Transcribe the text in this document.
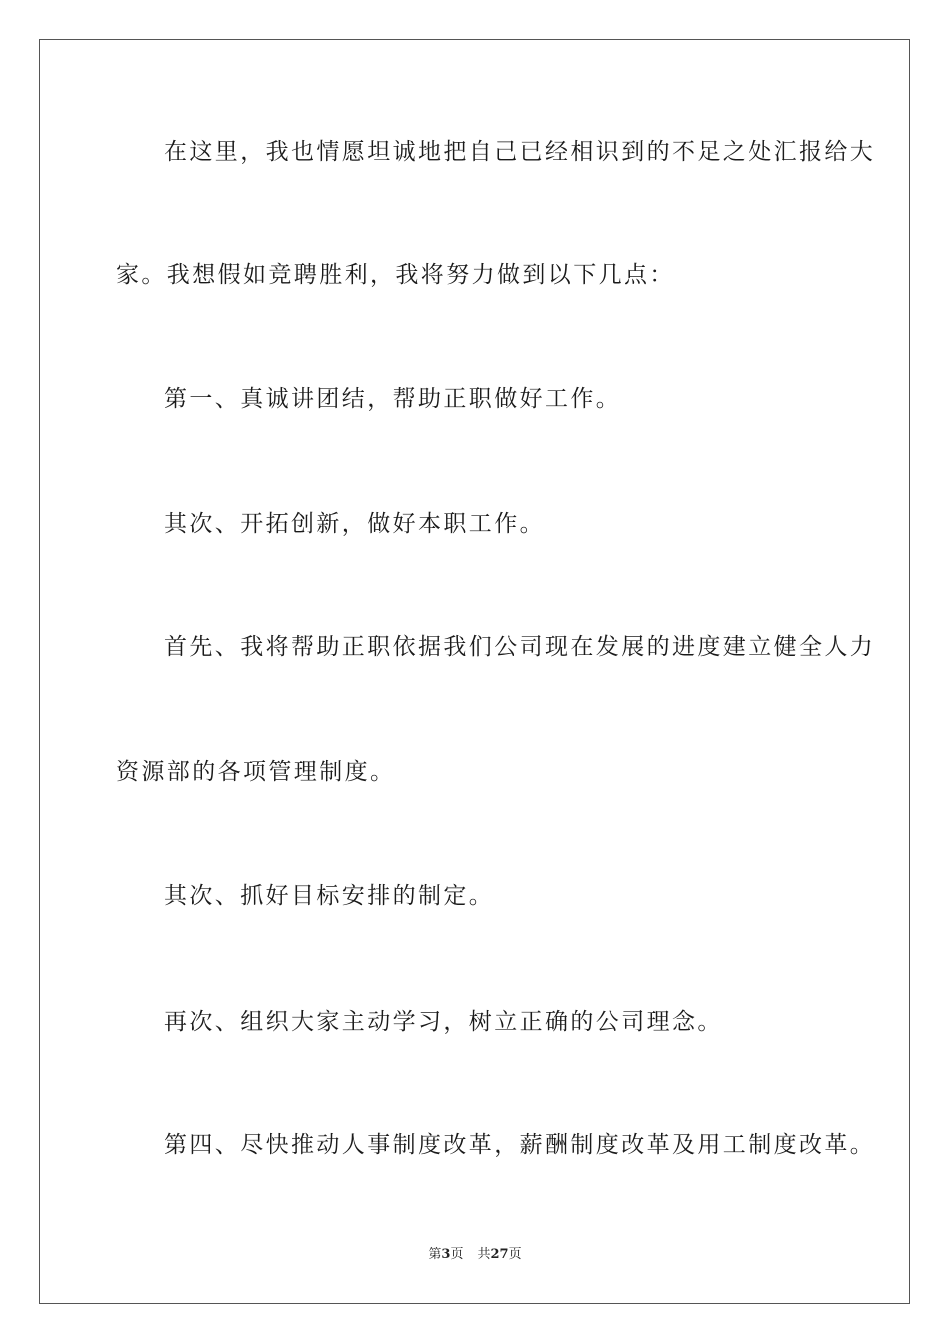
在这里，我也情愿坦诚地把自己已经相识到的不足之处汇报给大
家。我想假如竞聘胜利，我将努力做到以下几点：
第一、真诚讲团结，帮助正职做好工作。
其次、开拓创新，做好本职工作。
首先、我将帮助正职依据我们公司现在发展的进度建立健全人力
资源部的各项管理制度。
其次、抓好目标安排的制定。
再次、组织大家主动学习，树立正确的公司理念。
第四、尽快推动人事制度改革，薪酬制度改革及用工制度改革。
第3页 共27页
